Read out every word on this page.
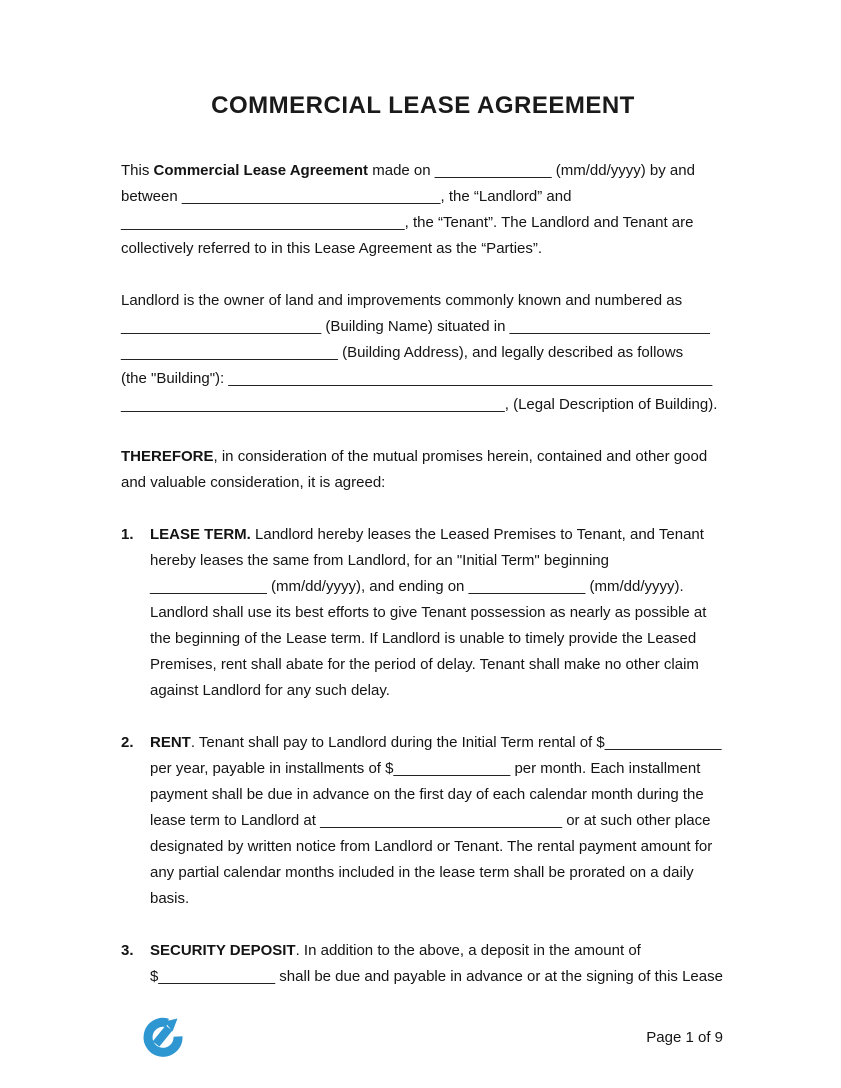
COMMERCIAL LEASE AGREEMENT
This Commercial Lease Agreement made on ______________ (mm/dd/yyyy) by and
between _______________________________, the “Landlord” and
__________________________________, the “Tenant”. The Landlord and Tenant are
collectively referred to in this Lease Agreement as the “Parties”.
Landlord is the owner of land and improvements commonly known and numbered as
________________________ (Building Name) situated in ________________________
__________________________ (Building Address), and legally described as follows
(the "Building"): __________________________________________________________
______________________________________________, (Legal Description of Building).
THEREFORE, in consideration of the mutual promises herein, contained and other good
and valuable consideration, it is agreed:
1.	LEASE TERM. Landlord hereby leases the Leased Premises to Tenant, and Tenant
hereby leases the same from Landlord, for an "Initial Term" beginning
______________ (mm/dd/yyyy), and ending on ______________ (mm/dd/yyyy).
Landlord shall use its best efforts to give Tenant possession as nearly as possible at
the beginning of the Lease term. If Landlord is unable to timely provide the Leased
Premises, rent shall abate for the period of delay. Tenant shall make no other claim
against Landlord for any such delay.
2.	RENT. Tenant shall pay to Landlord during the Initial Term rental of $______________
per year, payable in installments of $______________ per month. Each installment
payment shall be due in advance on the first day of each calendar month during the
lease term to Landlord at _____________________________ or at such other place
designated by written notice from Landlord or Tenant. The rental payment amount for
any partial calendar months included in the lease term shall be prorated on a daily
basis.
3.	SECURITY DEPOSIT. In addition to the above, a deposit in the amount of
$______________ shall be due and payable in advance or at the signing of this Lease
Page 1 of 9
